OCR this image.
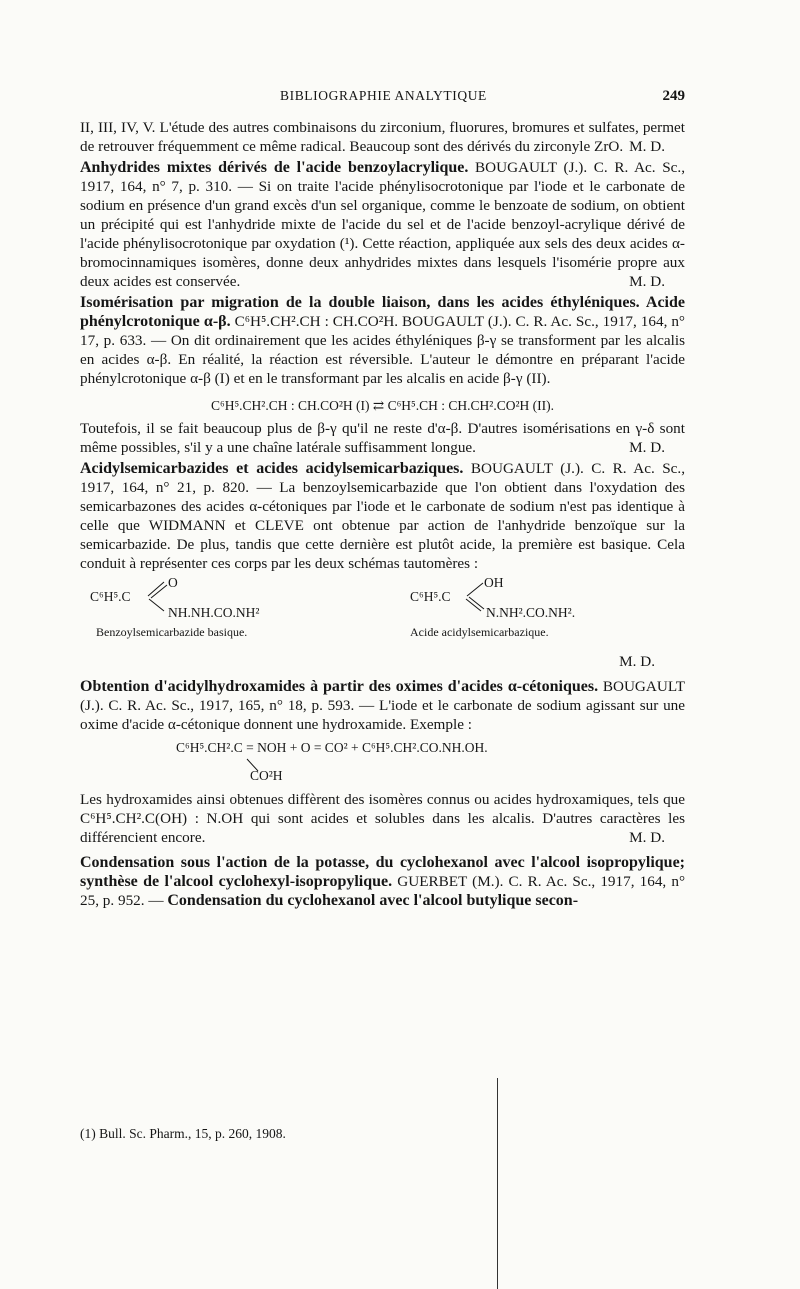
BIBLIOGRAPHIE ANALYTIQUE	249

II, III, IV, V. L'étude des autres combinaisons du zirconium, fluorures, bromures et sulfates, permet de retrouver fréquemment ce même radical. Beaucoup sont des dérivés du zirconyle ZrO. M. D.

Anhydrides mixtes dérivés de l'acide benzoylacrylique. BOUGAULT (J.). C. R. Ac. Sc., 1917, 164, n° 7, p. 310. — Si on traite l'acide phénylisocrotonique par l'iode et le carbonate de sodium en présence d'un grand excès d'un sel organique, comme le benzoate de sodium, on obtient un précipité qui est l'anhydride mixte de l'acide du sel et de l'acide benzoyl-acrylique dérivé de l'acide phénylisocrotonique par oxydation (¹). Cette réaction, appliquée aux sels des deux acides α-bromocinnamiques isomères, donne deux anhydrides mixtes dans lesquels l'isomérie propre aux deux acides est conservée.	M. D.

Isomérisation par migration de la double liaison, dans les acides éthyléniques. Acide phénylcrotonique α-β. C⁶H⁵.CH².CH : CH.CO²H. BOUGAULT (J.). C. R. Ac. Sc., 1917, 164, n° 17, p. 633. — On dit ordinairement que les acides éthyléniques β-γ se transforment par les alcalis en acides α-β. En réalité, la réaction est réversible. L'auteur le démontre en préparant l'acide phénylcrotonique α-β (I) et en le transformant par les alcalis en acide β-γ (II).

C⁶H⁵.CH².CH : CH.CO²H (I) ⇄ C⁶H⁵.CH : CH.CH².CO²H (II).

Toutefois, il se fait beaucoup plus de β-γ qu'il ne reste d'α-β. D'autres isomérisations en γ-δ sont même possibles, s'il y a une chaîne latérale suffisamment longue.	M. D.

Acidylsemicarbazides et acides acidylsemicarbaziques. BOUGAULT (J.). C. R. Ac. Sc., 1917, 164, n° 21, p. 820. — La benzoylsemicarbazide que l'on obtient dans l'oxydation des semicarbazones des acides α-cétoniques par l'iode et le carbonate de sodium n'est pas identique à celle que WIDMANN et CLEVE ont obtenue par action de l'anhydride benzoïque sur la semicarbazide. De plus, tandis que cette dernière est plutôt acide, la première est basique. Cela conduit à représenter ces corps par les deux schémas tautomères :

O
C⁶H⁵.C
NH.NH.CO.NH²
Benzoylsemicarbazide basique.
OH
C⁶H⁵.C
N.NH².CO.NH².
Acide acidylsemicarbazique.
M. D.

Obtention d'acidylhydroxamides à partir des oximes d'acides α-cétoniques. BOUGAULT (J.). C. R. Ac. Sc., 1917, 165, n° 18, p. 593. — L'iode et le carbonate de sodium agissant sur une oxime d'acide α-cétonique donnent une hydroxamide. Exemple :

C⁶H⁵.CH².C = NOH + O = CO² + C⁶H⁵.CH².CO.NH.OH.
CO²H

Les hydroxamides ainsi obtenues diffèrent des isomères connus ou acides hydroxamiques, tels que C⁶H⁵.CH².C(OH) : N.OH qui sont acides et solubles dans les alcalis. D'autres caractères les différencient encore.	M. D.

Condensation sous l'action de la potasse, du cyclohexanol avec l'alcool isopropylique; synthèse de l'alcool cyclohexyl-isopropylique. GUERBET (M.). C. R. Ac. Sc., 1917, 164, n° 25, p. 952. — Condensation du cyclohexanol avec l'alcool butylique secon-

(1) Bull. Sc. Pharm., 15, p. 260, 1908.
